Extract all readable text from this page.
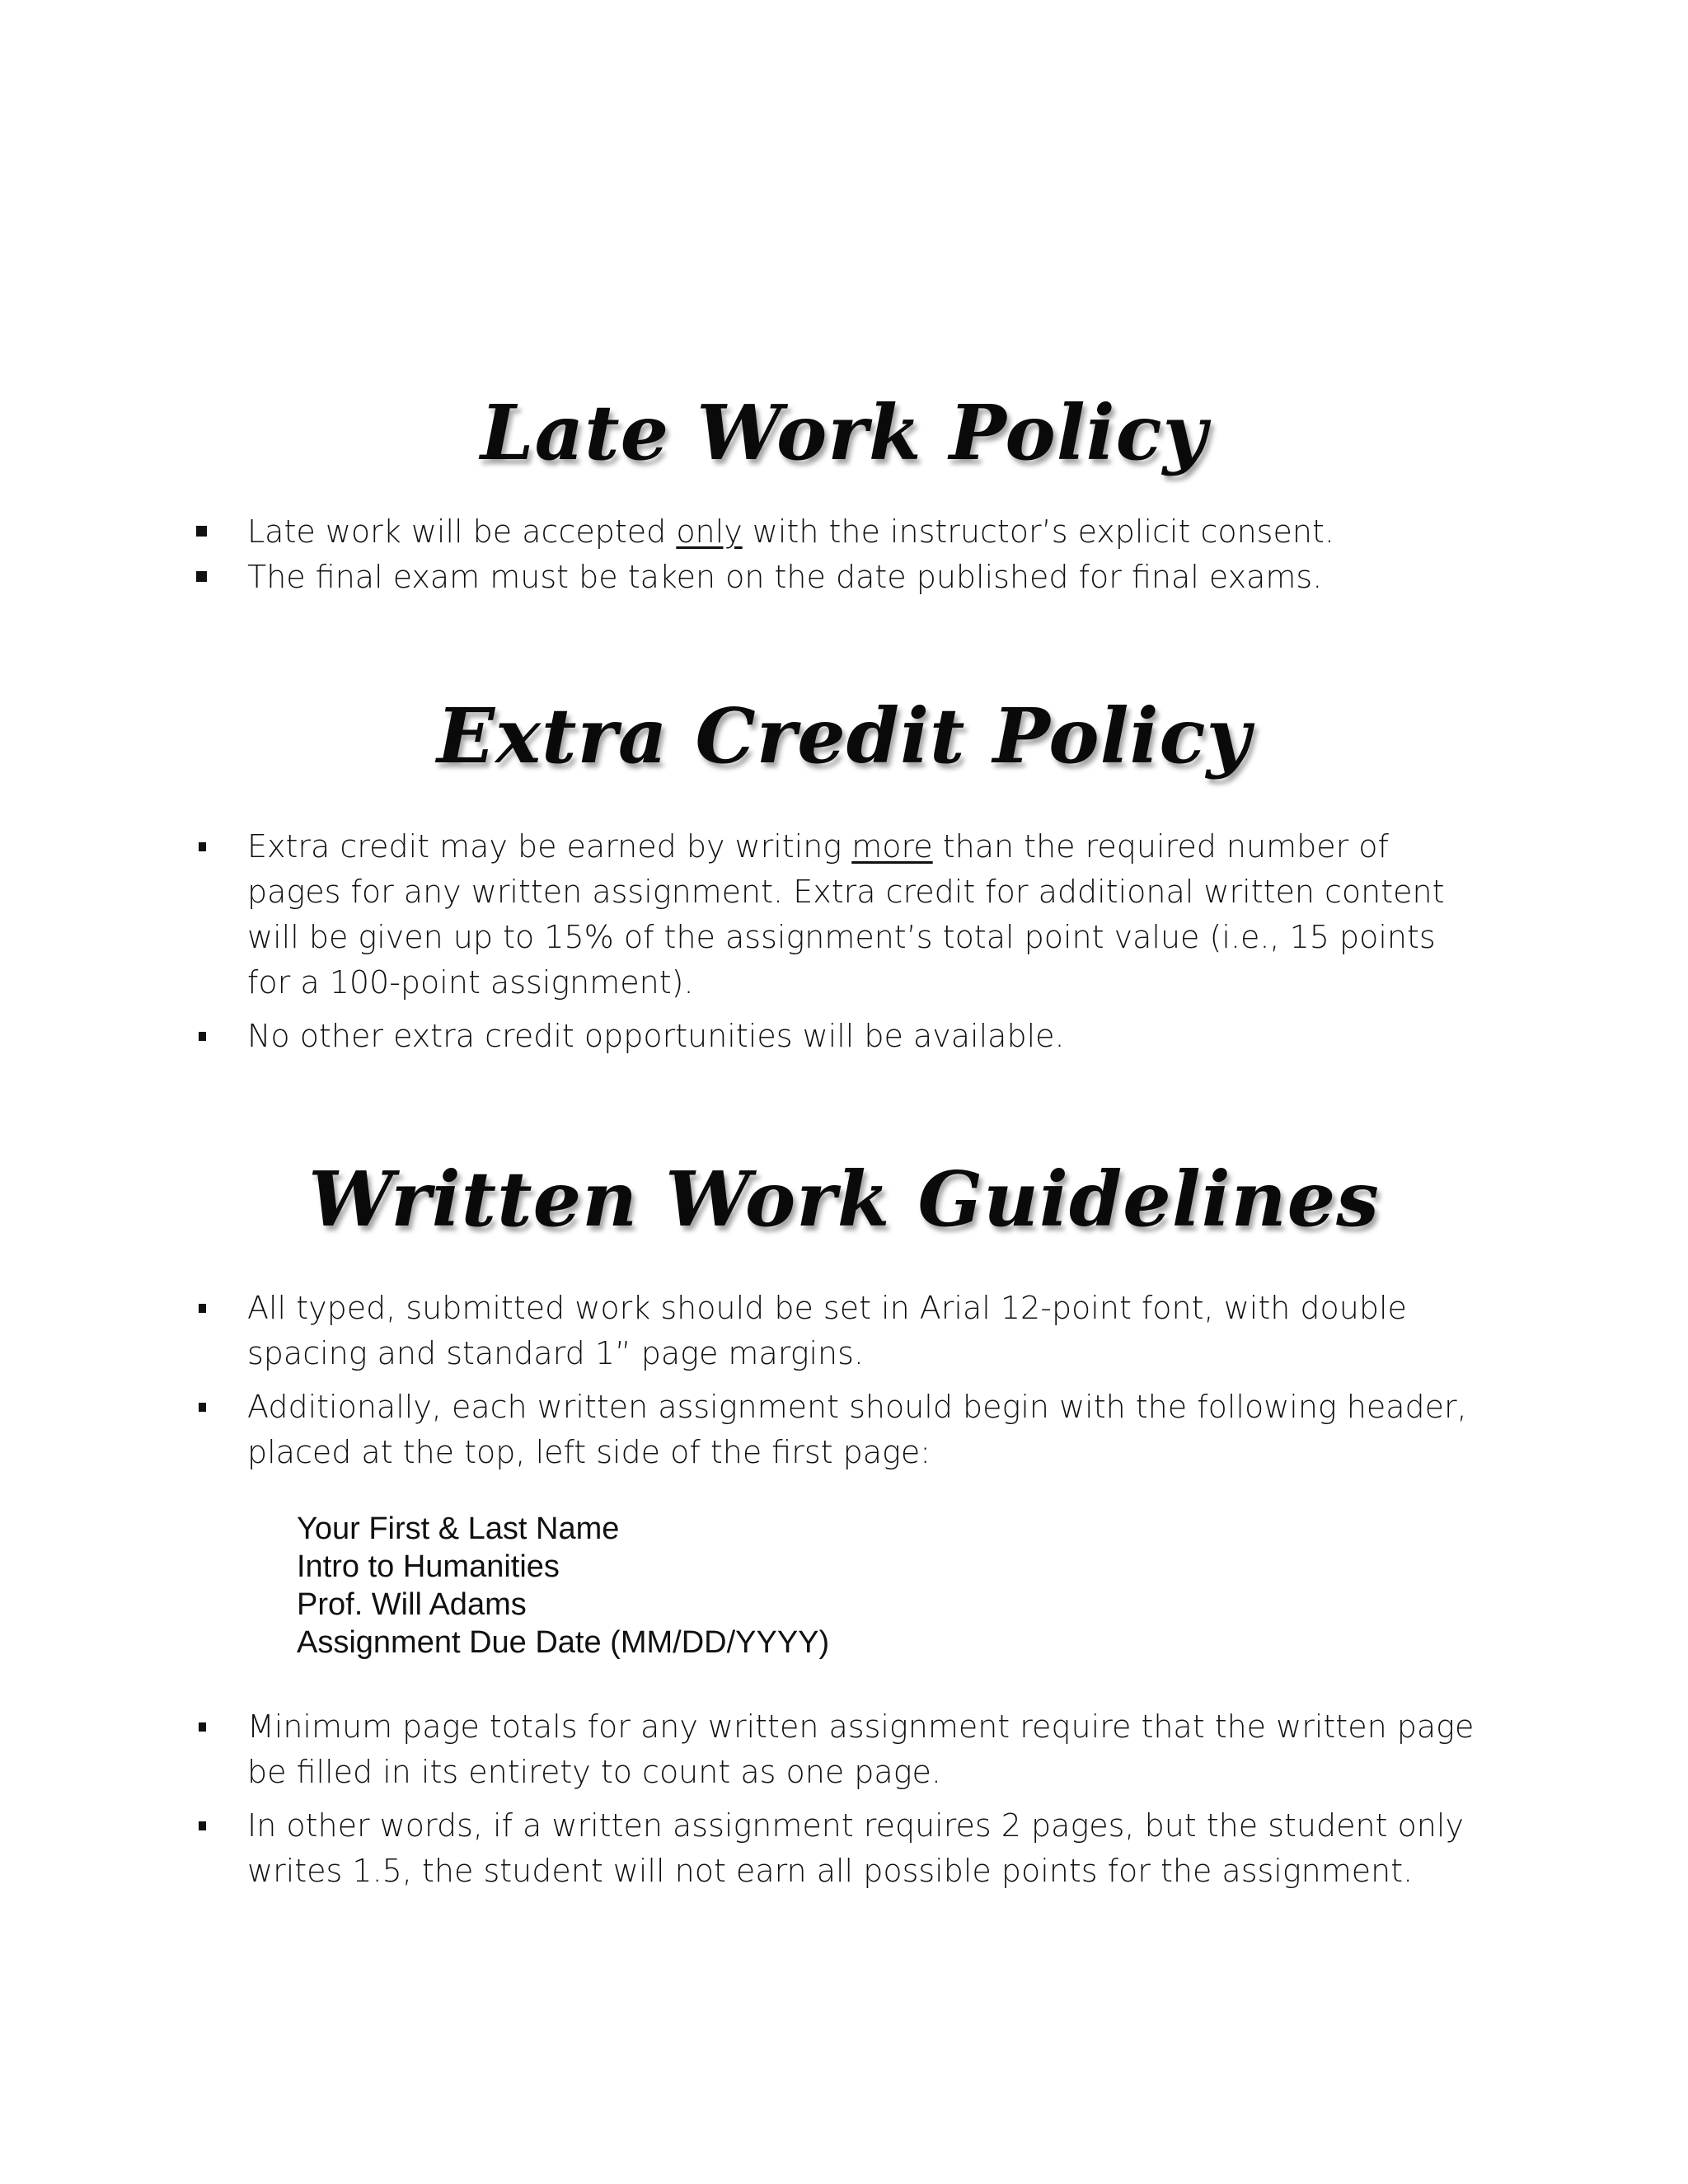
Late Work Policy
Late work will be accepted only with the instructor’s explicit consent.
The final exam must be taken on the date published for final exams.
Extra Credit Policy
Extra credit may be earned by writing more than the required number of pages for any written assignment. Extra credit for additional written content will be given up to 15% of the assignment’s total point value (i.e., 15 points for a 100-point assignment).
No other extra credit opportunities will be available.
Written Work Guidelines
All typed, submitted work should be set in Arial 12-point font, with double spacing and standard 1” page margins.
Additionally, each written assignment should begin with the following header, placed at the top, left side of the first page:
Your First & Last Name
Intro to Humanities
Prof. Will Adams
Assignment Due Date (MM/DD/YYYY)
Minimum page totals for any written assignment require that the written page be filled in its entirety to count as one page.
In other words, if a written assignment requires 2 pages, but the student only writes 1.5, the student will not earn all possible points for the assignment.
